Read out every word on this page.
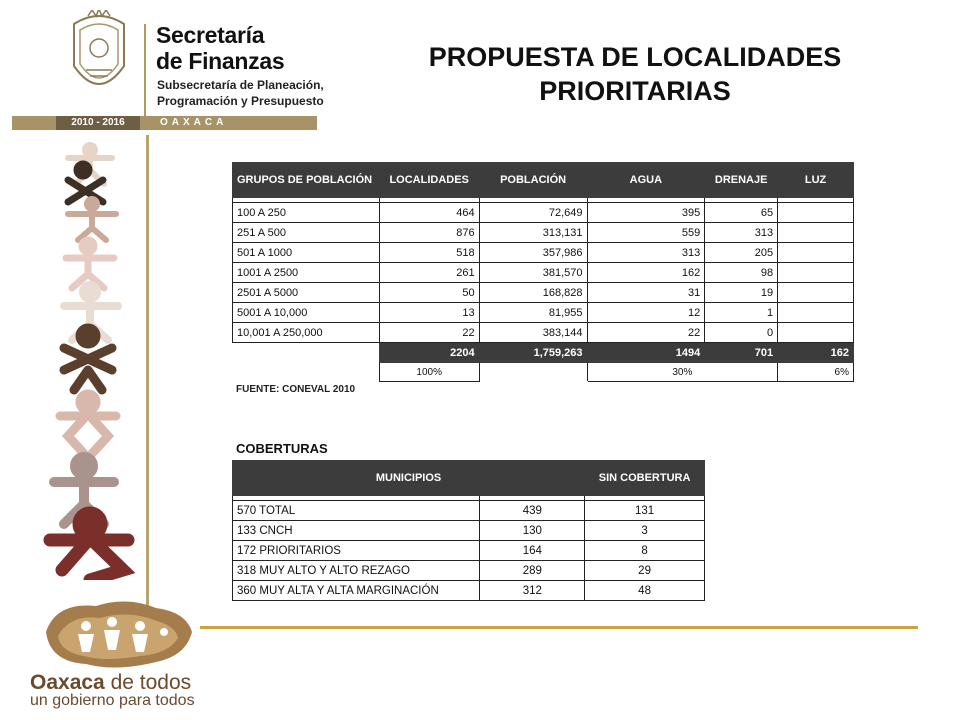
Secretaría
de Finanzas
Subsecretaría de Planeación,
Programación y Presupuesto
2010 - 2016	OAXACA
PROPUESTA DE LOCALIDADES
PRIORITARIAS
Oaxaca de todos
un gobierno para todos
GRUPOS DE POBLACIÓN	LOCALIDADES	POBLACIÓN	AGUA	DRENAJE	LUZ

100 A 250	464	72,649	395	65	
251 A 500	876	313,131	559	313	
501 A 1000	518	357,986	313	205	
1001 A 2500	261	381,570	162	98	
2501 A 5000	50	168,828	31	19	
5001 A 10,000	13	81,955	12	1	
10,001 A 250,000	22	383,144	22	0	
	2204	1,759,263	1494	701	162
	100%		30%		6%
FUENTE: CONEVAL 2010
COBERTURAS
MUNICIPIOS		SIN COBERTURA

570 TOTAL	439	131
133 CNCH	130	3
172 PRIORITARIOS	164	8
318 MUY ALTO Y ALTO REZAGO	289	29
360 MUY ALTA Y ALTA MARGINACIÓN	312	48
